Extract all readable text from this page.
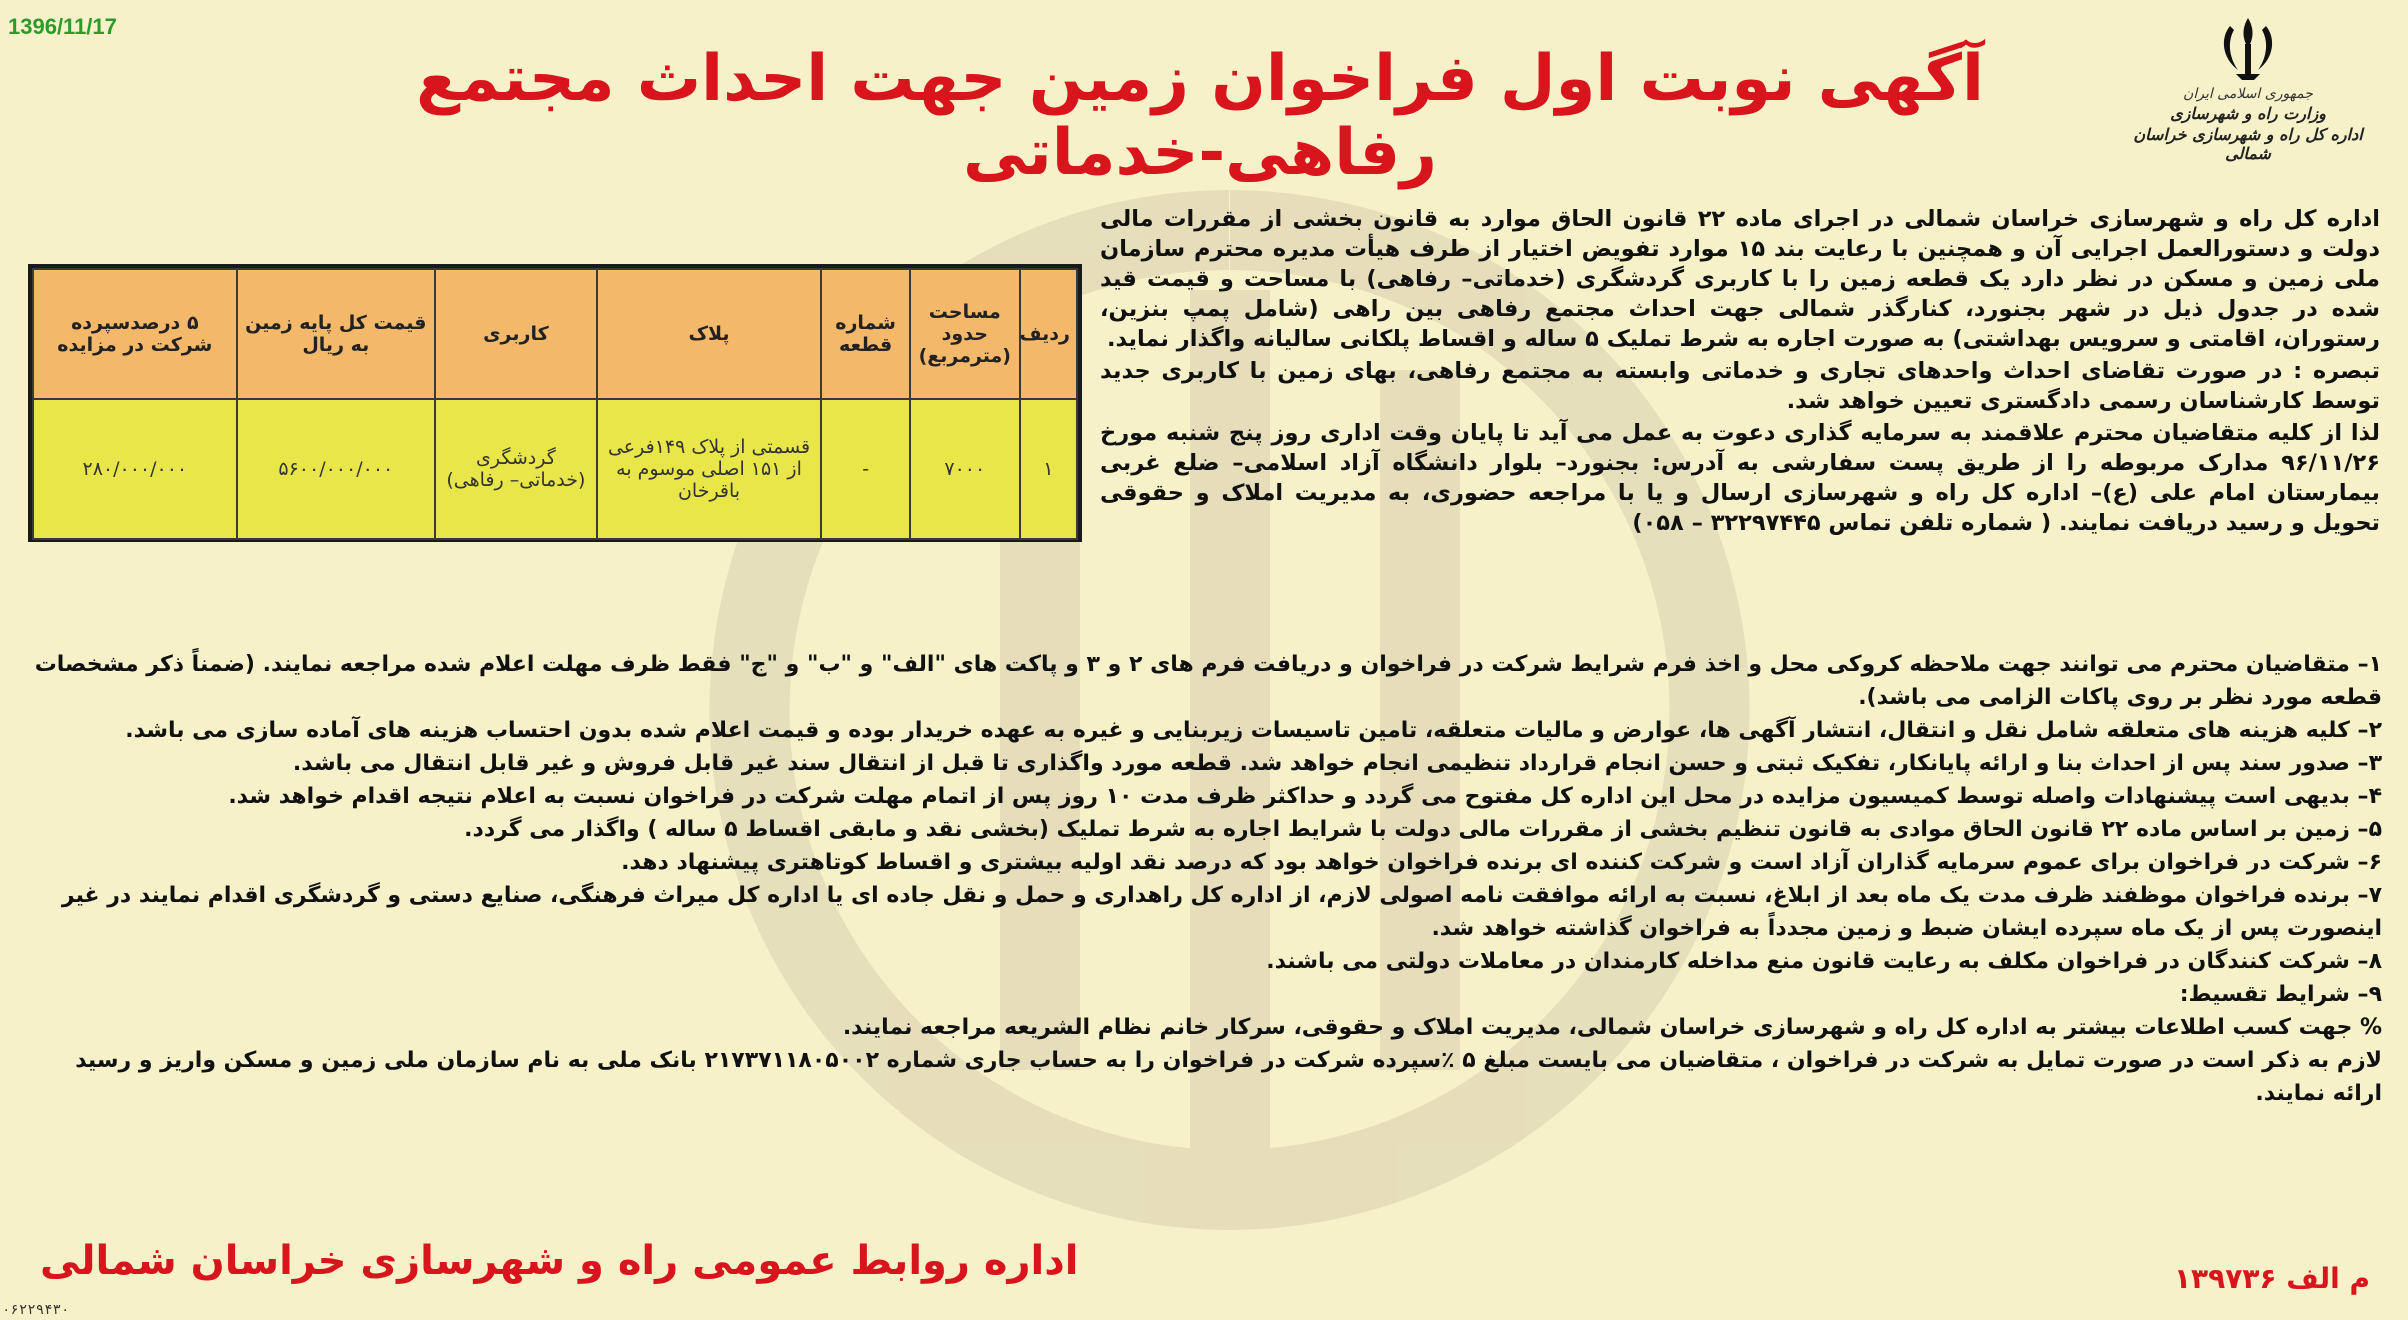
1396/11/17
آگهی نوبت اول فراخوان زمین جهت احداث مجتمع رفاهی-خدماتی
جمهوری اسلامی ایران
وزارت راه و شهرسازی
اداره کل راه و شهرسازی خراسان شمالی

اداره کل راه و شهرسازی خراسان شمالی در اجرای ماده ۲۲ قانون الحاق موارد به قانون بخشی از مقررات مالی دولت و دستورالعمل اجرایی آن و همچنین با رعایت بند ۱۵ موارد تفویض اختیار از طرف هیأت مدیره محترم سازمان ملی زمین و مسکن در نظر دارد یک قطعه زمین را با کاربری گردشگری (خدماتی– رفاهی) با مساحت و قیمت قید شده در جدول ذیل در شهر بجنورد، کنارگذر شمالی جهت احداث مجتمع رفاهی بین راهی (شامل پمپ بنزین، رستوران، اقامتی و سرویس بهداشتی) به صورت اجاره به شرط تملیک ۵ ساله و اقساط پلکانی سالیانه واگذار نماید.

تبصره : در صورت تقاضای احداث واحدهای تجاری و خدماتی وابسته به مجتمع رفاهی، بهای زمین با کاربری جدید توسط کارشناسان رسمی دادگستری تعیین خواهد شد.

لذا از کلیه متقاضیان محترم علاقمند به سرمایه گذاری دعوت به عمل می آید تا پایان وقت اداری روز پنج شنبه مورخ ۹۶/۱۱/۲۶ مدارک مربوطه را از طریق پست سفارشی به آدرس: بجنورد– بلوار دانشگاه آزاد اسلامی– ضلع غربی بیمارستان امام علی (ع)– اداره کل راه و شهرسازی ارسال و یا با مراجعه حضوری، به مدیریت املاک و حقوقی تحویل و رسید دریافت نمایند. ( شماره تلفن تماس ۳۲۲۹۷۴۴۵ – ۰۵۸)

ردیف	مساحت حدود (مترمربع)	شماره قطعه	پلاک	کاربری	قیمت کل پایه زمین به ریال	۵ درصدسپرده شرکت در مزایده
۱	۷۰۰۰	-	قسمتی از پلاک ۱۴۹فرعی از ۱۵۱ اصلی موسوم به باقرخان	گردشگری (خدماتی– رفاهی)	۵۶۰۰/۰۰۰/۰۰۰	۲۸۰/۰۰۰/۰۰۰

۱– متقاضیان محترم می توانند جهت ملاحظه کروکی محل و اخذ فرم شرایط شرکت در فراخوان و دریافت فرم های ۲ و ۳ و پاکت های "الف" و "ب" و "ج" فقط ظرف مهلت اعلام شده مراجعه نمایند. (ضمناً ذکر مشخصات قطعه مورد نظر بر روی پاکات الزامی می باشد).

۲– کلیه هزینه های متعلقه شامل نقل و انتقال، انتشار آگهی ها، عوارض و مالیات متعلقه، تامین تاسیسات زیربنایی و غیره به عهده خریدار بوده و قیمت اعلام شده بدون احتساب هزینه های آماده سازی می باشد.

۳– صدور سند پس از احداث بنا و ارائه پایانکار، تفکیک ثبتی و حسن انجام قرارداد تنظیمی انجام خواهد شد. قطعه مورد واگذاری تا قبل از انتقال سند غیر قابل فروش و غیر قابل انتقال می باشد.

۴– بدیهی است پیشنهادات واصله توسط کمیسیون مزایده در محل این اداره کل مفتوح می گردد و حداکثر ظرف مدت ۱۰ روز پس از اتمام مهلت شرکت در فراخوان نسبت به اعلام نتیجه اقدام خواهد شد.

۵– زمین بر اساس ماده ۲۲ قانون الحاق موادی به قانون تنظیم بخشی از مقررات مالی دولت با شرایط اجاره به شرط تملیک (بخشی نقد و مابقی اقساط ۵ ساله ) واگذار می گردد.

۶– شرکت در فراخوان برای عموم سرمایه گذاران آزاد است و شرکت کننده ای برنده فراخوان خواهد بود که درصد نقد اولیه بیشتری و اقساط کوتاهتری پیشنهاد دهد.

۷– برنده فراخوان موظفند ظرف مدت یک ماه بعد از ابلاغ، نسبت به ارائه موافقت نامه اصولی لازم، از اداره کل راهداری و حمل و نقل جاده ای یا اداره کل میراث فرهنگی، صنایع دستی و گردشگری اقدام نمایند در غیر اینصورت پس از یک ماه سپرده ایشان ضبط و زمین مجدداً به فراخوان گذاشته خواهد شد.

۸– شرکت کنندگان در فراخوان مکلف به رعایت قانون منع مداخله کارمندان در معاملات دولتی می باشند.

۹– شرایط تقسیط:

% جهت کسب اطلاعات بیشتر به اداره کل راه و شهرسازی خراسان شمالی، مدیریت املاک و حقوقی، سرکار خانم نظام الشریعه مراجعه نمایند.

لازم به ذکر است در صورت تمایل به شرکت در فراخوان ، متقاضیان می بایست مبلغ ۵ ٪سپرده شرکت در فراخوان را به حساب جاری شماره ۲۱۷۳۷۱۱۸۰۵۰۰۲ بانک ملی به نام سازمان ملی زمین و مسکن واریز و رسید ارائه نمایند.

اداره روابط عمومی راه و شهرسازی خراسان شمالی	م الف ۱۳۹۷۳۶
۰۶۲۲۹۴۳۰
